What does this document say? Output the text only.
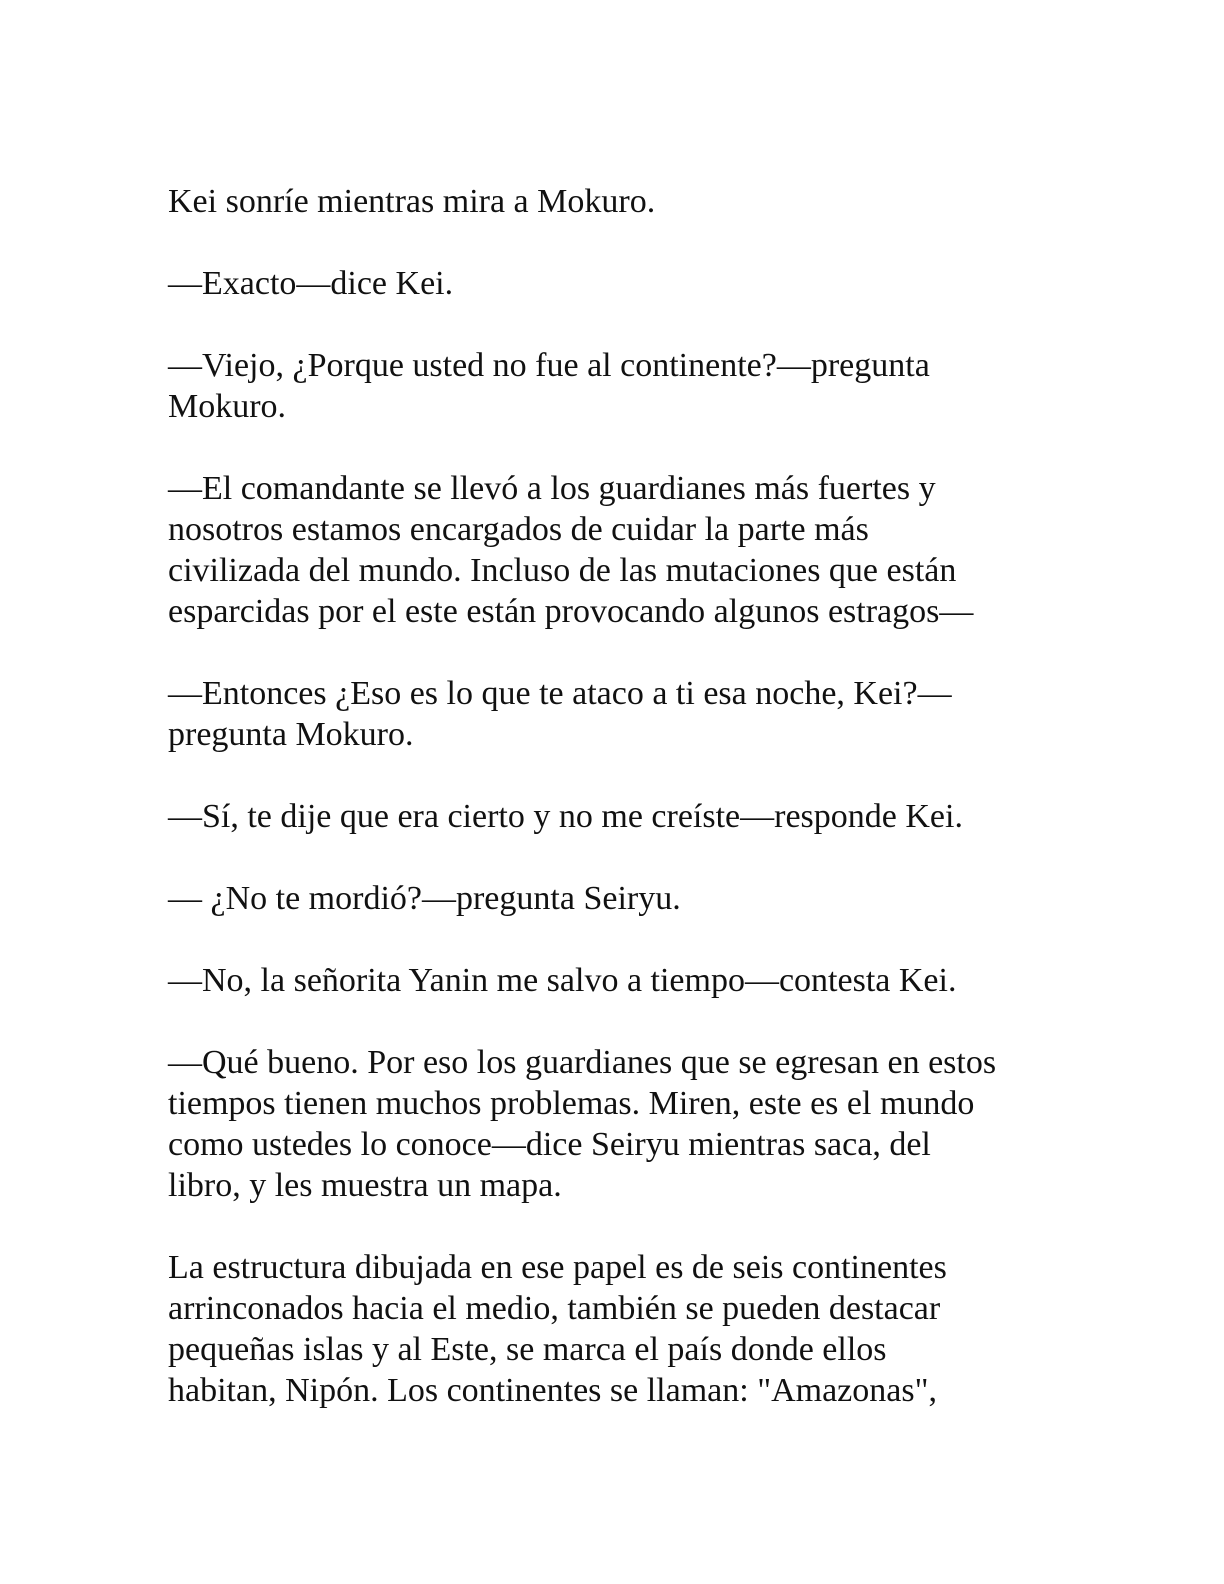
Kei sonríe mientras mira a Mokuro.

—Exacto—dice Kei.

—Viejo, ¿Porque usted no fue al continente?—pregunta
Mokuro.

—El comandante se llevó a los guardianes más fuertes y
nosotros estamos encargados de cuidar la parte más
civilizada del mundo. Incluso de las mutaciones que están
esparcidas por el este están provocando algunos estragos—

—Entonces ¿Eso es lo que te ataco a ti esa noche, Kei?—
pregunta Mokuro.

—Sí, te dije que era cierto y no me creíste—responde Kei.

— ¿No te mordió?—pregunta Seiryu.

—No, la señorita Yanin me salvo a tiempo—contesta Kei.

—Qué bueno. Por eso los guardianes que se egresan en estos
tiempos tienen muchos problemas. Miren, este es el mundo
como ustedes lo conoce—dice Seiryu mientras saca, del
libro, y les muestra un mapa.

La estructura dibujada en ese papel es de seis continentes
arrinconados hacia el medio, también se pueden destacar
pequeñas islas y al Este, se marca el país donde ellos
habitan, Nipón. Los continentes se llaman: "Amazonas",
